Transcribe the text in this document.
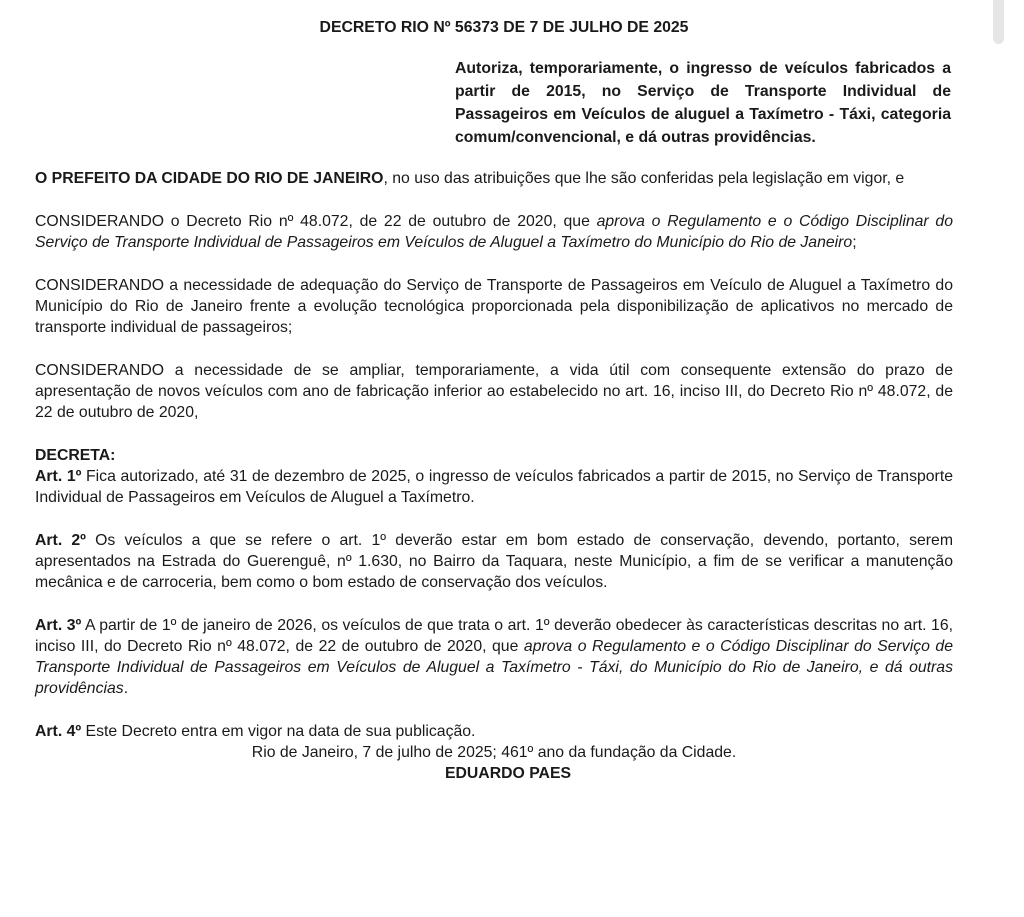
DECRETO RIO Nº 56373 DE 7 DE JULHO DE 2025
Autoriza, temporariamente, o ingresso de veículos fabricados a partir de 2015, no Serviço de Transporte Individual de Passageiros em Veículos de aluguel a Taxímetro - Táxi, categoria comum/convencional, e dá outras providências.

O PREFEITO DA CIDADE DO RIO DE JANEIRO, no uso das atribuições que lhe são conferidas pela legislação em vigor, e

CONSIDERANDO o Decreto Rio nº 48.072, de 22 de outubro de 2020, que aprova o Regulamento e o Código Disciplinar do Serviço de Transporte Individual de Passageiros em Veículos de Aluguel a Taxímetro do Município do Rio de Janeiro;

CONSIDERANDO a necessidade de adequação do Serviço de Transporte de Passageiros em Veículo de Aluguel a Taxímetro do Município do Rio de Janeiro frente a evolução tecnológica proporcionada pela disponibilização de aplicativos no mercado de transporte individual de passageiros;

CONSIDERANDO a necessidade de se ampliar, temporariamente, a vida útil com consequente extensão do prazo de apresentação de novos veículos com ano de fabricação inferior ao estabelecido no art. 16, inciso III, do Decreto Rio nº 48.072, de 22 de outubro de 2020,

DECRETA:

Art. 1º Fica autorizado, até 31 de dezembro de 2025, o ingresso de veículos fabricados a partir de 2015, no Serviço de Transporte Individual de Passageiros em Veículos de Aluguel a Taxímetro.

Art. 2º Os veículos a que se refere o art. 1º deverão estar em bom estado de conservação, devendo, portanto, serem apresentados na Estrada do Guerenguê, nº 1.630, no Bairro da Taquara, neste Município, a fim de se verificar a manutenção mecânica e de carroceria, bem como o bom estado de conservação dos veículos.

Art. 3º A partir de 1º de janeiro de 2026, os veículos de que trata o art. 1º deverão obedecer às características descritas no art. 16, inciso III, do Decreto Rio nº 48.072, de 22 de outubro de 2020, que aprova o Regulamento e o Código Disciplinar do Serviço de Transporte Individual de Passageiros em Veículos de Aluguel a Taxímetro - Táxi, do Município do Rio de Janeiro, e dá outras providências.

Art. 4º Este Decreto entra em vigor na data de sua publicação.

Rio de Janeiro, 7 de julho de 2025; 461º ano da fundação da Cidade.

EDUARDO PAES
